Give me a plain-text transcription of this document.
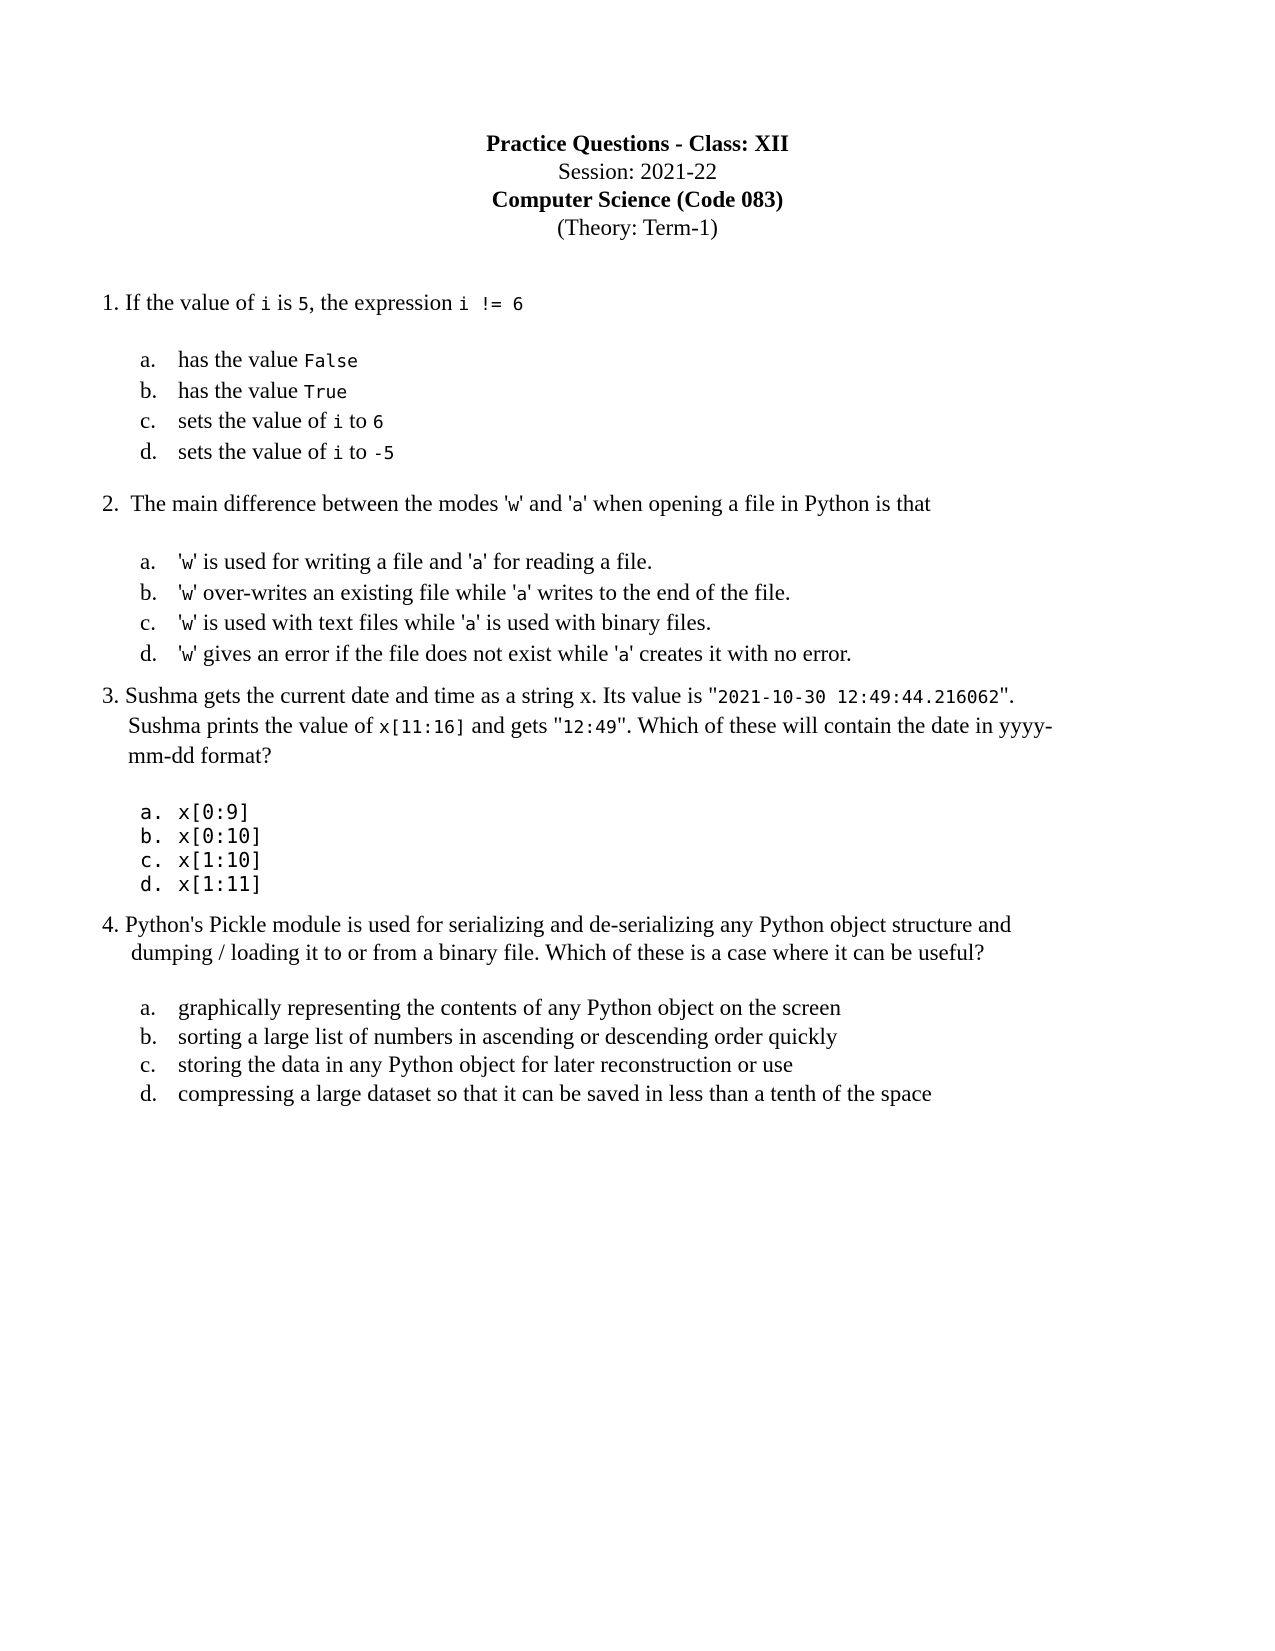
Practice Questions - Class: XII
Session: 2021-22
Computer Science (Code 083)
(Theory: Term-1)

1. If the value of i is 5, the expression i != 6

a. has the value False
b. has the value True
c. sets the value of i to 6
d. sets the value of i to -5

2.  The main difference between the modes 'w' and 'a' when opening a file in Python is that

a. 'w' is used for writing a file and 'a' for reading a file.
b. 'w' over-writes an existing file while 'a' writes to the end of the file.
c. 'w' is used with text files while 'a' is used with binary files.
d. 'w' gives an error if the file does not exist while 'a' creates it with no error.

3. Sushma gets the current date and time as a string x. Its value is "2021-10-30 12:49:44.216062".

Sushma prints the value of x[11:16] and gets "12:49". Which of these will contain the date in yyyy-

mm-dd format?

a. x[0:9]
b. x[0:10]
c. x[1:10]
d. x[1:11]

4. Python's Pickle module is used for serializing and de-serializing any Python object structure and

dumping / loading it to or from a binary file. Which of these is a case where it can be useful?

a. graphically representing the contents of any Python object on the screen
b. sorting a large list of numbers in ascending or descending order quickly
c. storing the data in any Python object for later reconstruction or use
d. compressing a large dataset so that it can be saved in less than a tenth of the space
